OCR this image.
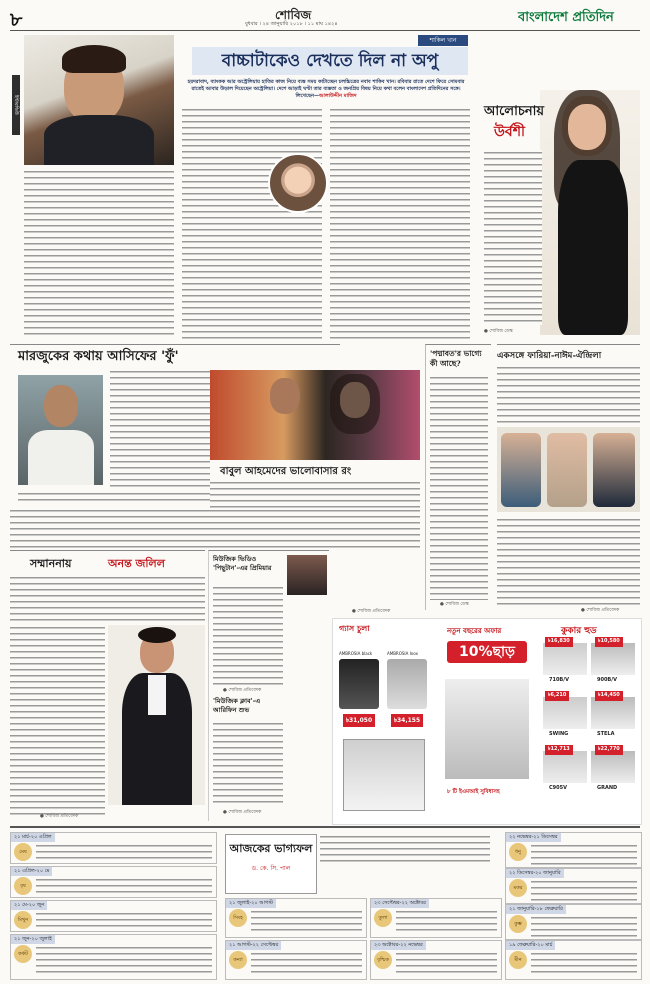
৮	শোবিজ
বুধবার । ২৪ জানুয়ারি ২০১৮ । ১১ মাঘ ১৪২৪	বাংলাদেশ প্রতিদিন
ইন্টারভিউ
শাকিল খান
বাচ্চাটাকেও দেখতে দিল না অপু
হয়দরাবাদ, ব্যাংকক আর অস্ট্রেলিয়ায় হাতির কাজ নিয়ে ব্যস্ত সময় কাটাচ্ছেন চলচ্চিত্রের নবাব শাকিব খান। রবিবার রাতে দেশে ফিরে সোমবার রাতেই আবার উড়াল দিয়েছেন অস্ট্রেলিয়া। দেশে আড়াই ঘণ্টা তার ব্যস্ততা ও জনপ্রিয় বিষয় নিয়ে কথা বলেন বাংলাদেশ প্রতিদিনের সঙ্গে। লিখেছেন—আলাউদ্দীন মাজিদ
আলোচনায়
উর্বশী
● শোবিজ ডেস্ক
মারজুকের কথায় আসিফের 'ফুঁ'	'পদ্মাবত'র ভাগ্যে কী আছে?
● শোবিজ ডেস্ক
বাবুল আহমেদের ভালোবাসার রং
● শোবিজ প্রতিবেদক
একসঙ্গে ফারিয়া-নাঈম-ঐন্দ্রিলা
● শোবিজ প্রতিবেদক
সম্মাননায়	অনন্ত জলিল
● শোবিজ প্রতিবেদক
মিউজিক ভিডিও 'পিছুটান'-এর প্রিমিয়ার
● শোবিজ প্রতিবেদক
'মিউজিক ক্লাব'-এ আরিফিন শুভ
● শোবিজ প্রতিবেদক
গ্যাস চুলা
AMBROSIA black	AMBROSIA Inox
৳31,050	৳34,155
নতুন বছরের অফার
10%ছাড়
৮ টি ইএমআই সুবিধাসহ
কুকার হুড
৳16,830	৳10,580
710B/V	900B/V
৳6,210	৳14,450
SWING	STELA
৳12,713	৳22,770
C905V	GRAND
আজকের ভাগ্যফল
ড. কে. সি. পাল
২১ মার্চ-২০ এপ্রিল
মেষ
২১ এপ্রিল-২০ মে
বৃষ
২১ মে-২০ জুন
মিথুন
২১ জুন-২০ জুলাই
কর্কট
২১ জুলাই-২০ আগস্ট
সিংহ
২১ আগস্ট-২২ সেপ্টেম্বর
কন্যা
২৩ সেপ্টেম্বর-২২ অক্টোবর
তুলা
২৩ অক্টোবর-২২ নভেম্বর
বৃশ্চিক
২২ নভেম্বর-২১ ডিসেম্বর
ধনু
২২ ডিসেম্বর-২০ জানুয়ারি
মকর
২১ জানুয়ারি-১৮ ফেব্রুয়ারি
কুম্ভ
১৯ ফেব্রুয়ারি-২০ মার্চ
মীন
